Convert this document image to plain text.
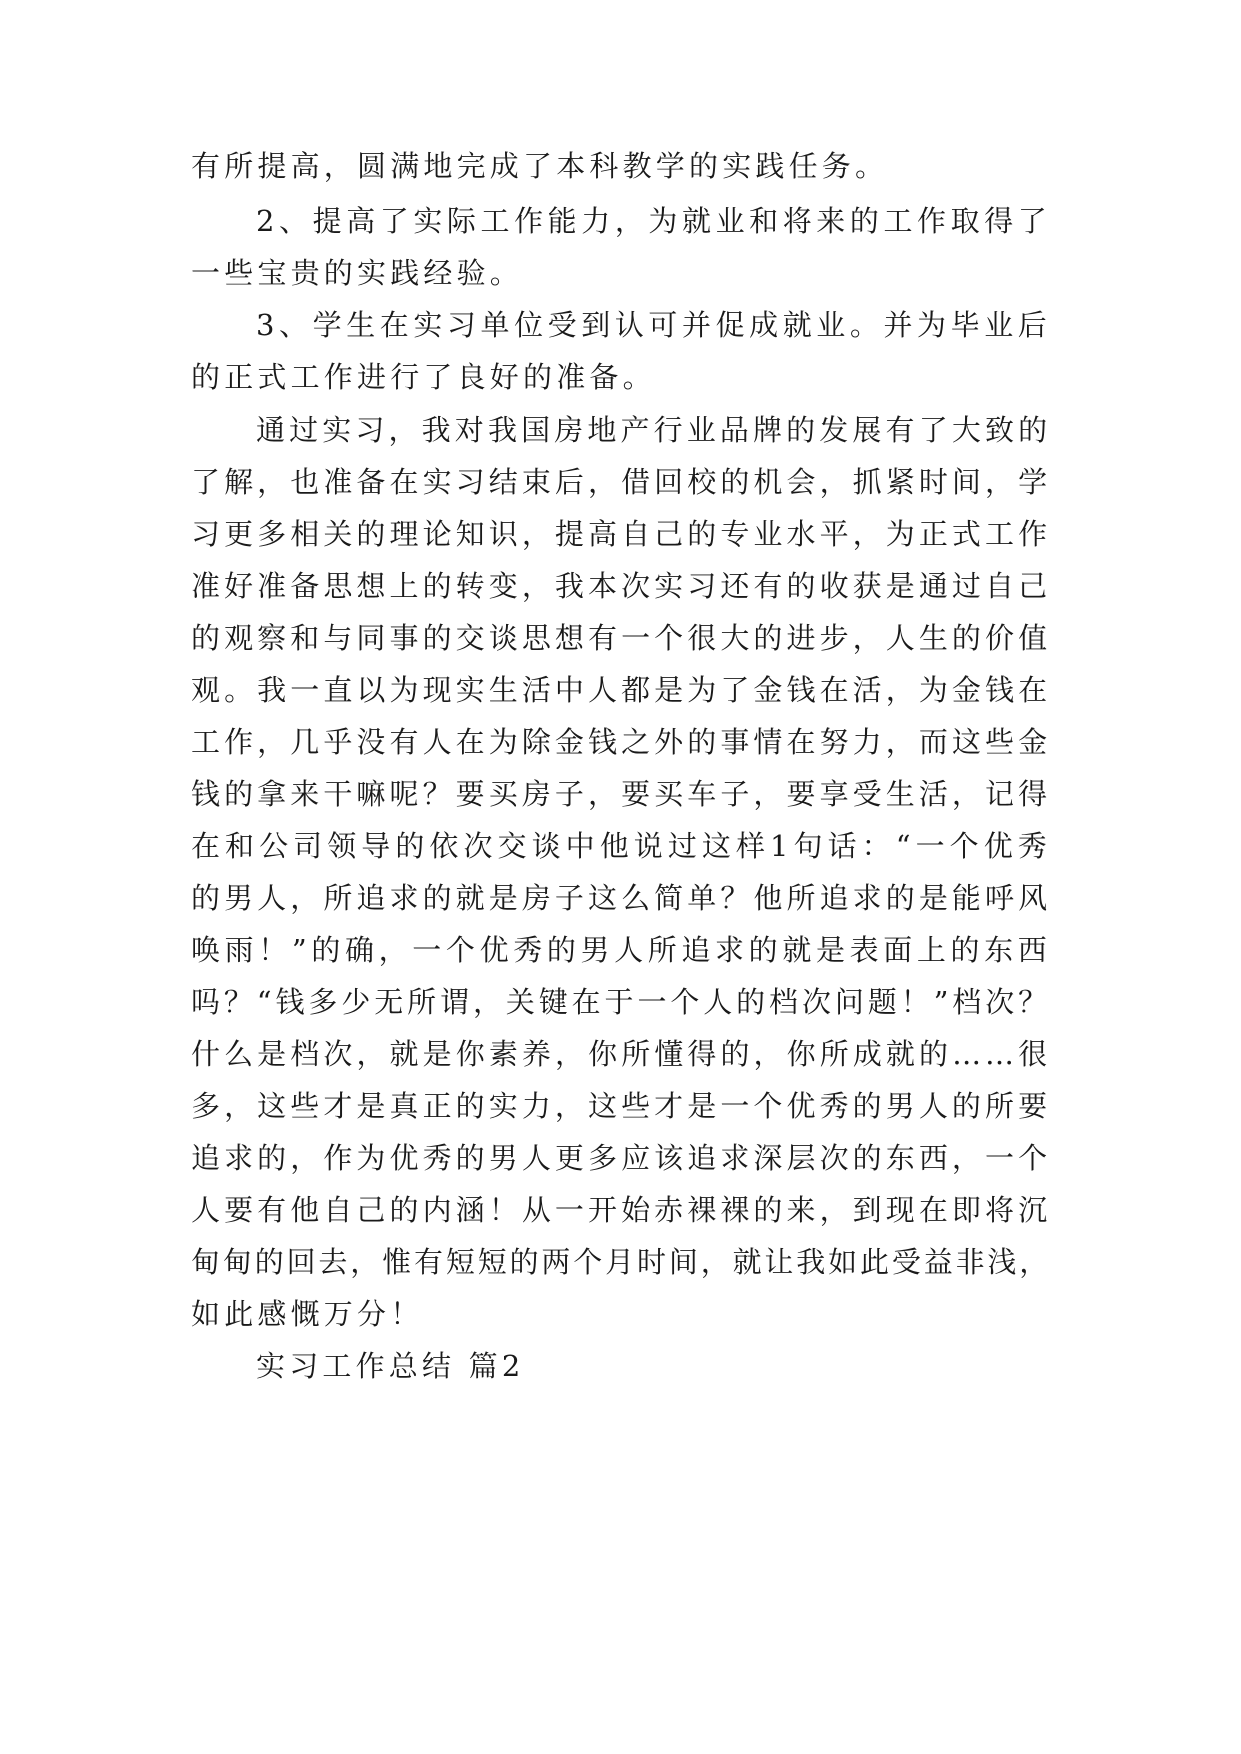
有所提高，圆满地完成了本科教学的实践任务。
2、提高了实际工作能力，为就业和将来的工作取得了
一些宝贵的实践经验。
3、学生在实习单位受到认可并促成就业。并为毕业后
的正式工作进行了良好的准备。
通过实习，我对我国房地产行业品牌的发展有了大致的
了解，也准备在实习结束后，借回校的机会，抓紧时间，学
习更多相关的理论知识，提高自己的专业水平，为正式工作
准好准备思想上的转变，我本次实习还有的收获是通过自己
的观察和与同事的交谈思想有一个很大的进步，人生的价值
观。我一直以为现实生活中人都是为了金钱在活，为金钱在
工作，几乎没有人在为除金钱之外的事情在努力，而这些金
钱的拿来干嘛呢？要买房子，要买车子，要享受生活，记得
在和公司领导的依次交谈中他说过这样1句话：“一个优秀
的男人，所追求的就是房子这么简单？他所追求的是能呼风
唤雨！”的确，一个优秀的男人所追求的就是表面上的东西
吗？“钱多少无所谓，关键在于一个人的档次问题！”档次？
什么是档次，就是你素养，你所懂得的，你所成就的……很
多，这些才是真正的实力，这些才是一个优秀的男人的所要
追求的，作为优秀的男人更多应该追求深层次的东西，一个
人要有他自己的内涵！从一开始赤裸裸的来，到现在即将沉
甸甸的回去，惟有短短的两个月时间，就让我如此受益非浅，
如此感慨万分！
实习工作总结 篇2
